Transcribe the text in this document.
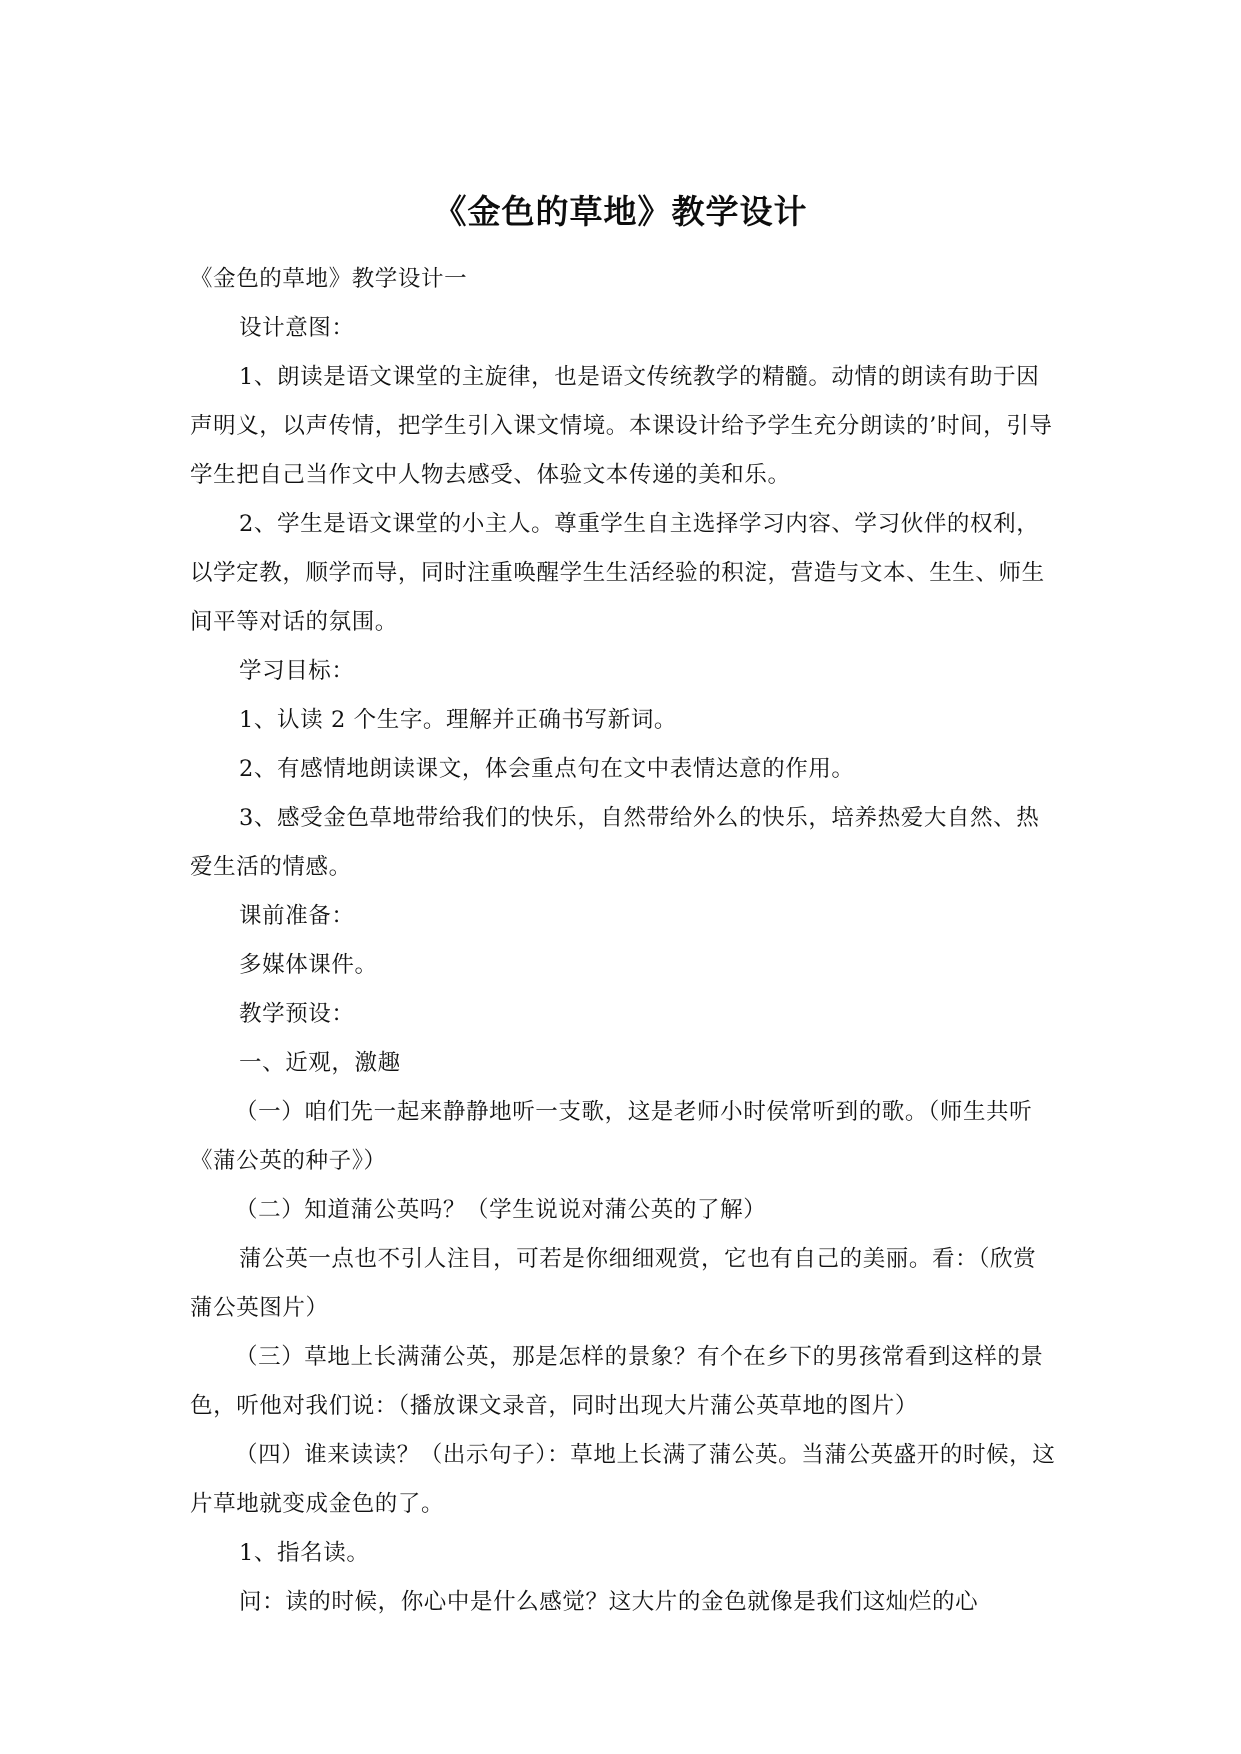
《金色的草地》教学设计

《金色的草地》教学设计一

设计意图：

1、朗读是语文课堂的主旋律，也是语文传统教学的精髓。动情的朗读有助于因声明义，以声传情，把学生引入课文情境。本课设计给予学生充分朗读的’时间，引导学生把自己当作文中人物去感受、体验文本传递的美和乐。

2、学生是语文课堂的小主人。尊重学生自主选择学习内容、学习伙伴的权利，以学定教，顺学而导，同时注重唤醒学生生活经验的积淀，营造与文本、生生、师生间平等对话的氛围。

学习目标：

1、认读 2 个生字。理解并正确书写新词。

2、有感情地朗读课文，体会重点句在文中表情达意的作用。

3、感受金色草地带给我们的快乐，自然带给外么的快乐，培养热爱大自然、热爱生活的情感。

课前准备：

多媒体课件。

教学预设：

一、近观，激趣

（一）咱们先一起来静静地听一支歌，这是老师小时侯常听到的歌。（师生共听《蒲公英的种子》）

（二）知道蒲公英吗？（学生说说对蒲公英的了解）

蒲公英一点也不引人注目，可若是你细细观赏，它也有自己的美丽。看：（欣赏蒲公英图片）

（三）草地上长满蒲公英，那是怎样的景象？有个在乡下的男孩常看到这样的景色，听他对我们说：（播放课文录音，同时出现大片蒲公英草地的图片）

（四）谁来读读？（出示句子）：草地上长满了蒲公英。当蒲公英盛开的时候，这片草地就变成金色的了。

1、指名读。

问：读的时候，你心中是什么感觉？这大片的金色就像是我们这灿烂的心
